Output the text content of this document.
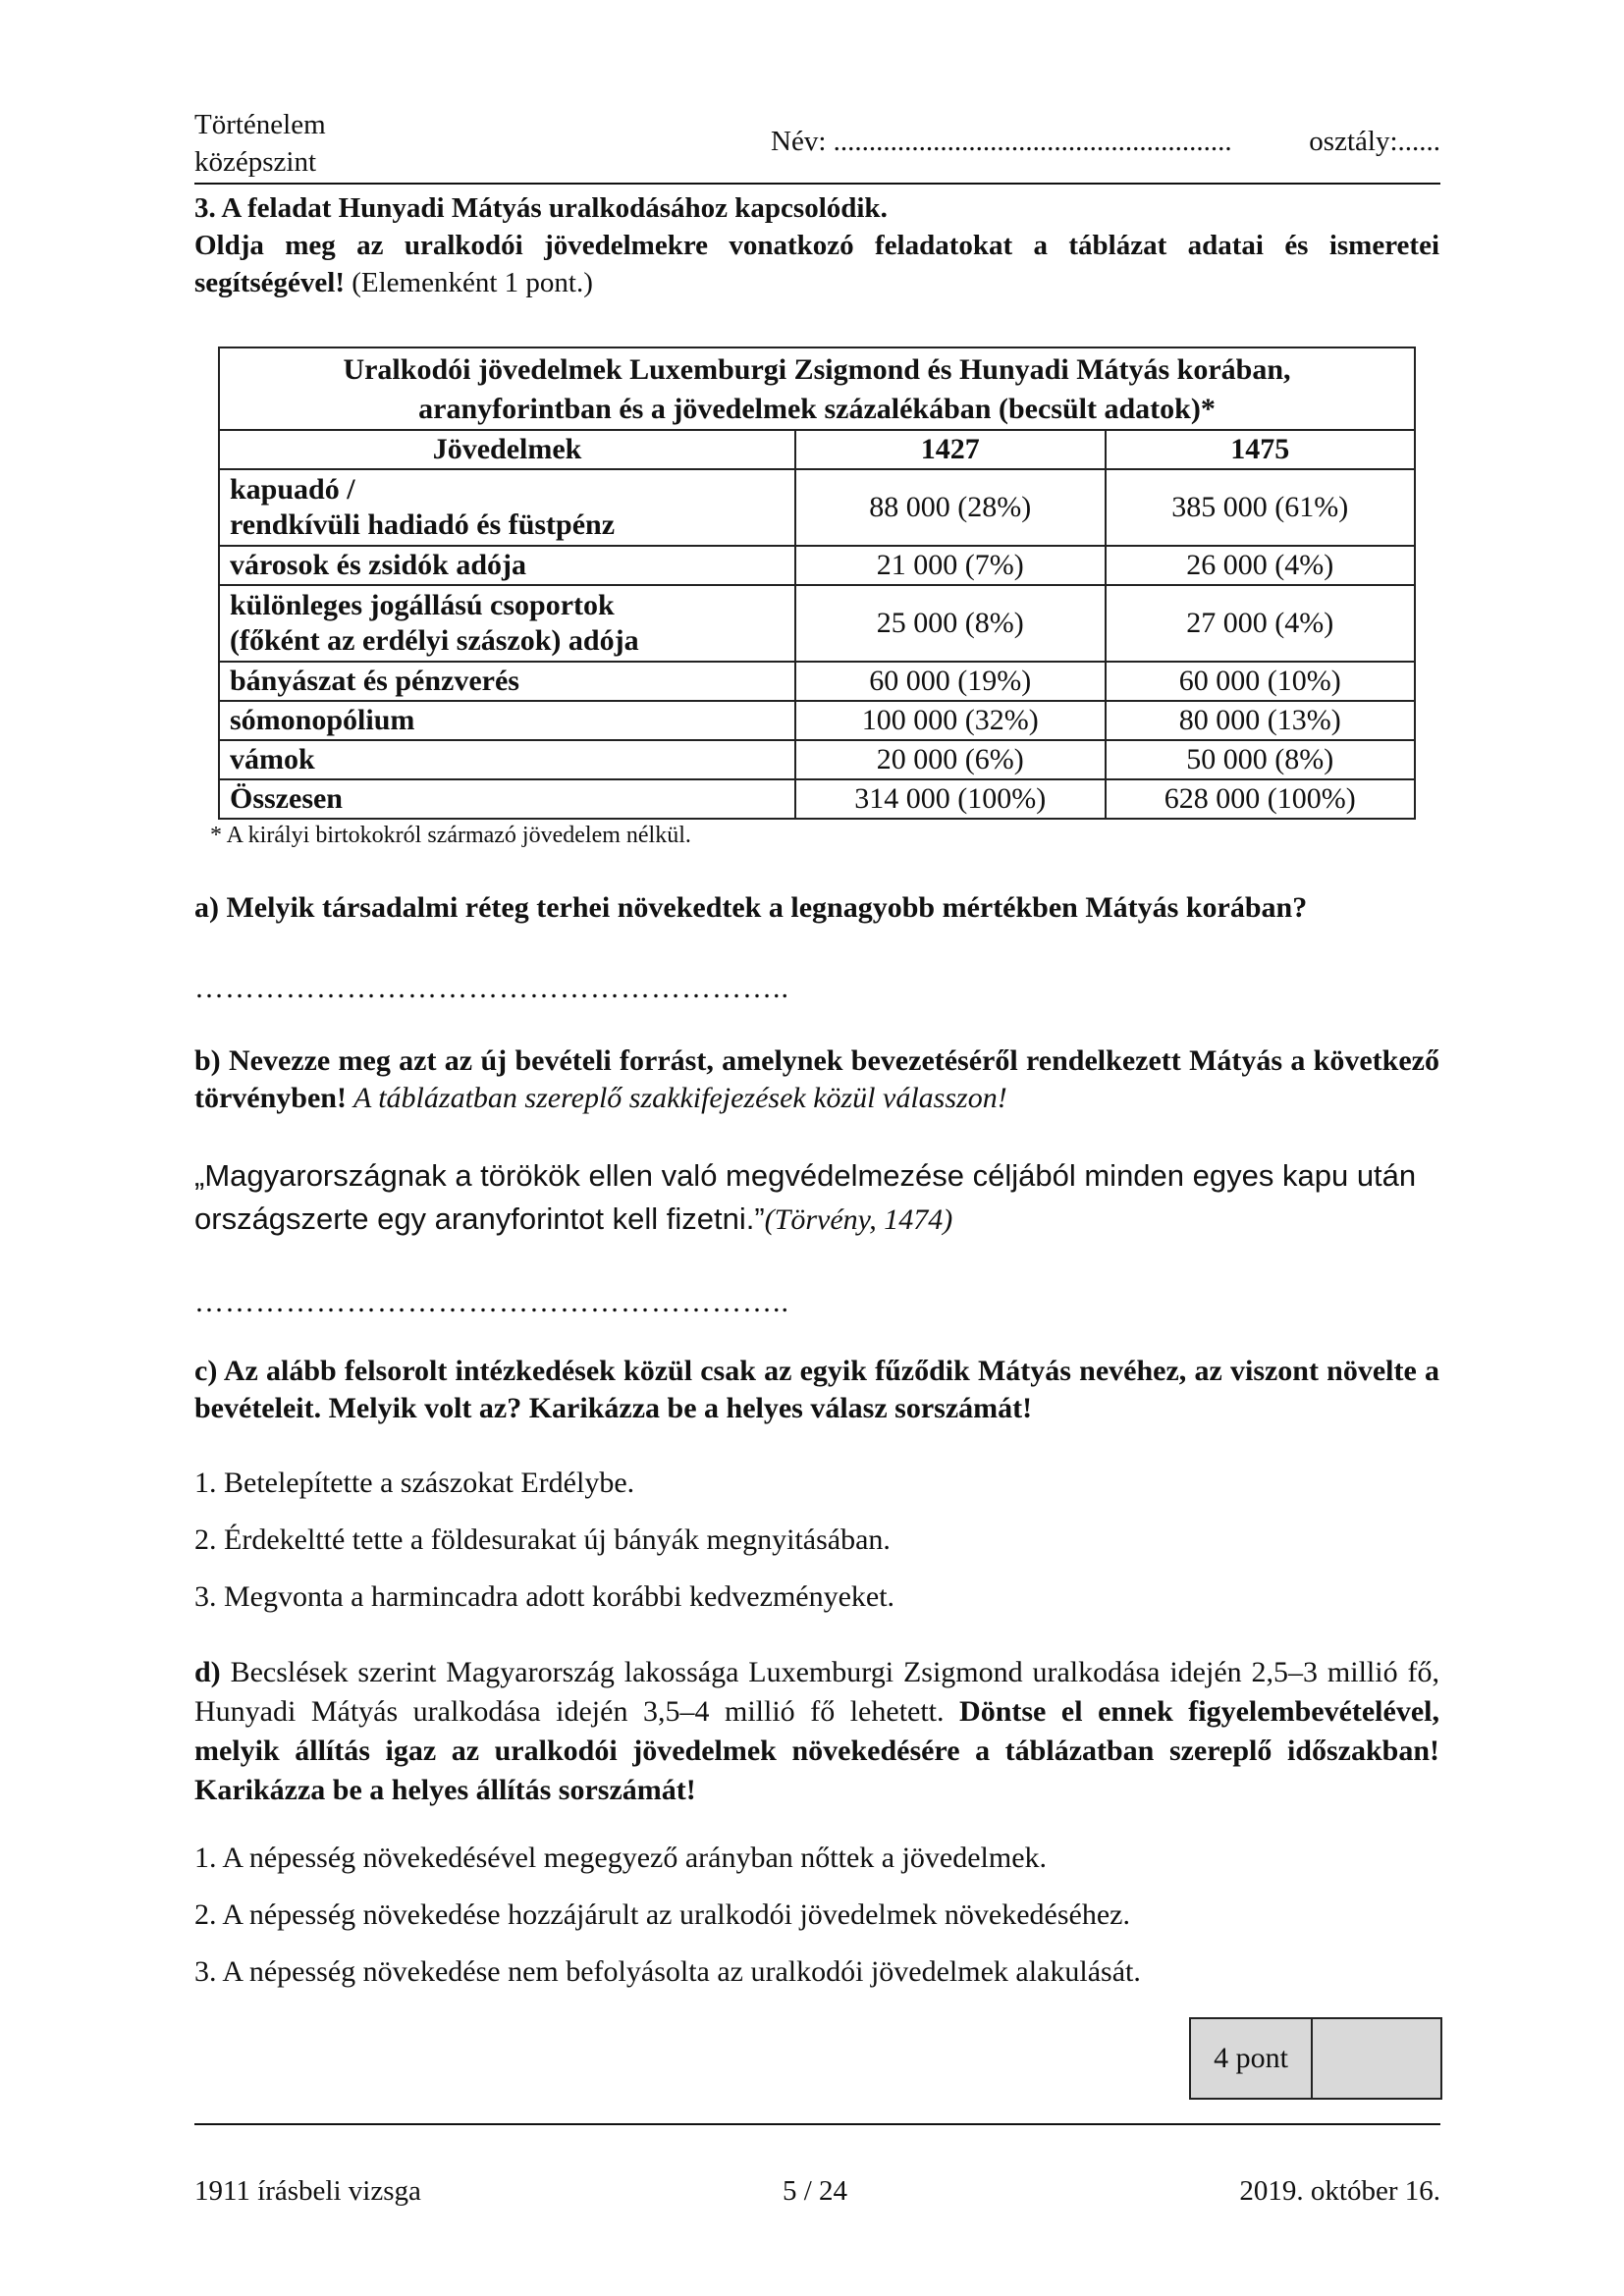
Történelem
középszint
Név: ........................................................	osztály:......
3. A feladat Hunyadi Mátyás uralkodásához kapcsolódik.
Oldja meg az uralkodói jövedelmekre vonatkozó feladatokat a táblázat adatai és ismeretei segítségével! (Elemenként 1 pont.)
Uralkodói jövedelmek Luxemburgi Zsigmond és Hunyadi Mátyás korában,
aranyforintban és a jövedelmek százalékában (becsült adatok)*		
Jövedelmek	1427	1475
kapuadó /
rendkívüli hadiadó és füstpénz	88 000 (28%)	385 000 (61%)
városok és zsidók adója	21 000 (7%)	26 000 (4%)
különleges jogállású csoportok
(főként az erdélyi szászok) adója	25 000 (8%)	27 000 (4%)
bányászat és pénzverés	60 000 (19%)	60 000 (10%)
sómonopólium	100 000 (32%)	80 000 (13%)
vámok	20 000 (6%)	50 000 (8%)
Összesen	314 000 (100%)	628 000 (100%)
* A királyi birtokokról származó jövedelem nélkül.
a) Melyik társadalmi réteg terhei növekedtek a legnagyobb mértékben Mátyás korában?
…………………………………………………..
b) Nevezze meg azt az új bevételi forrást, amelynek bevezetéséről rendelkezett Mátyás a következő törvényben! A táblázatban szereplő szakkifejezések közül válasszon!
„Magyarországnak a törökök ellen való megvédelmezése céljából minden egyes kapu után országszerte egy aranyforintot kell fizetni.”(Törvény, 1474)
…………………………………………………..
c) Az alább felsorolt intézkedések közül csak az egyik fűződik Mátyás nevéhez, az viszont növelte a bevételeit. Melyik volt az? Karikázza be a helyes válasz sorszámát!
1. Betelepítette a szászokat Erdélybe.
2. Érdekeltté tette a földesurakat új bányák megnyitásában.
3. Megvonta a harmincadra adott korábbi kedvezményeket.
d) Becslések szerint Magyarország lakossága Luxemburgi Zsigmond uralkodása idején 2,5–3 millió fő, Hunyadi Mátyás uralkodása idején 3,5–4 millió fő lehetett. Döntse el ennek figyelembevételével, melyik állítás igaz az uralkodói jövedelmek növekedésére a táblázatban szereplő időszakban! Karikázza be a helyes állítás sorszámát!
1. A népesség növekedésével megegyező arányban nőttek a jövedelmek.
2. A népesség növekedése hozzájárult az uralkodói jövedelmek növekedéséhez.
3. A népesség növekedése nem befolyásolta az uralkodói jövedelmek alakulását.
4 pont
1911 írásbeli vizsga	5 / 24	2019. október 16.
